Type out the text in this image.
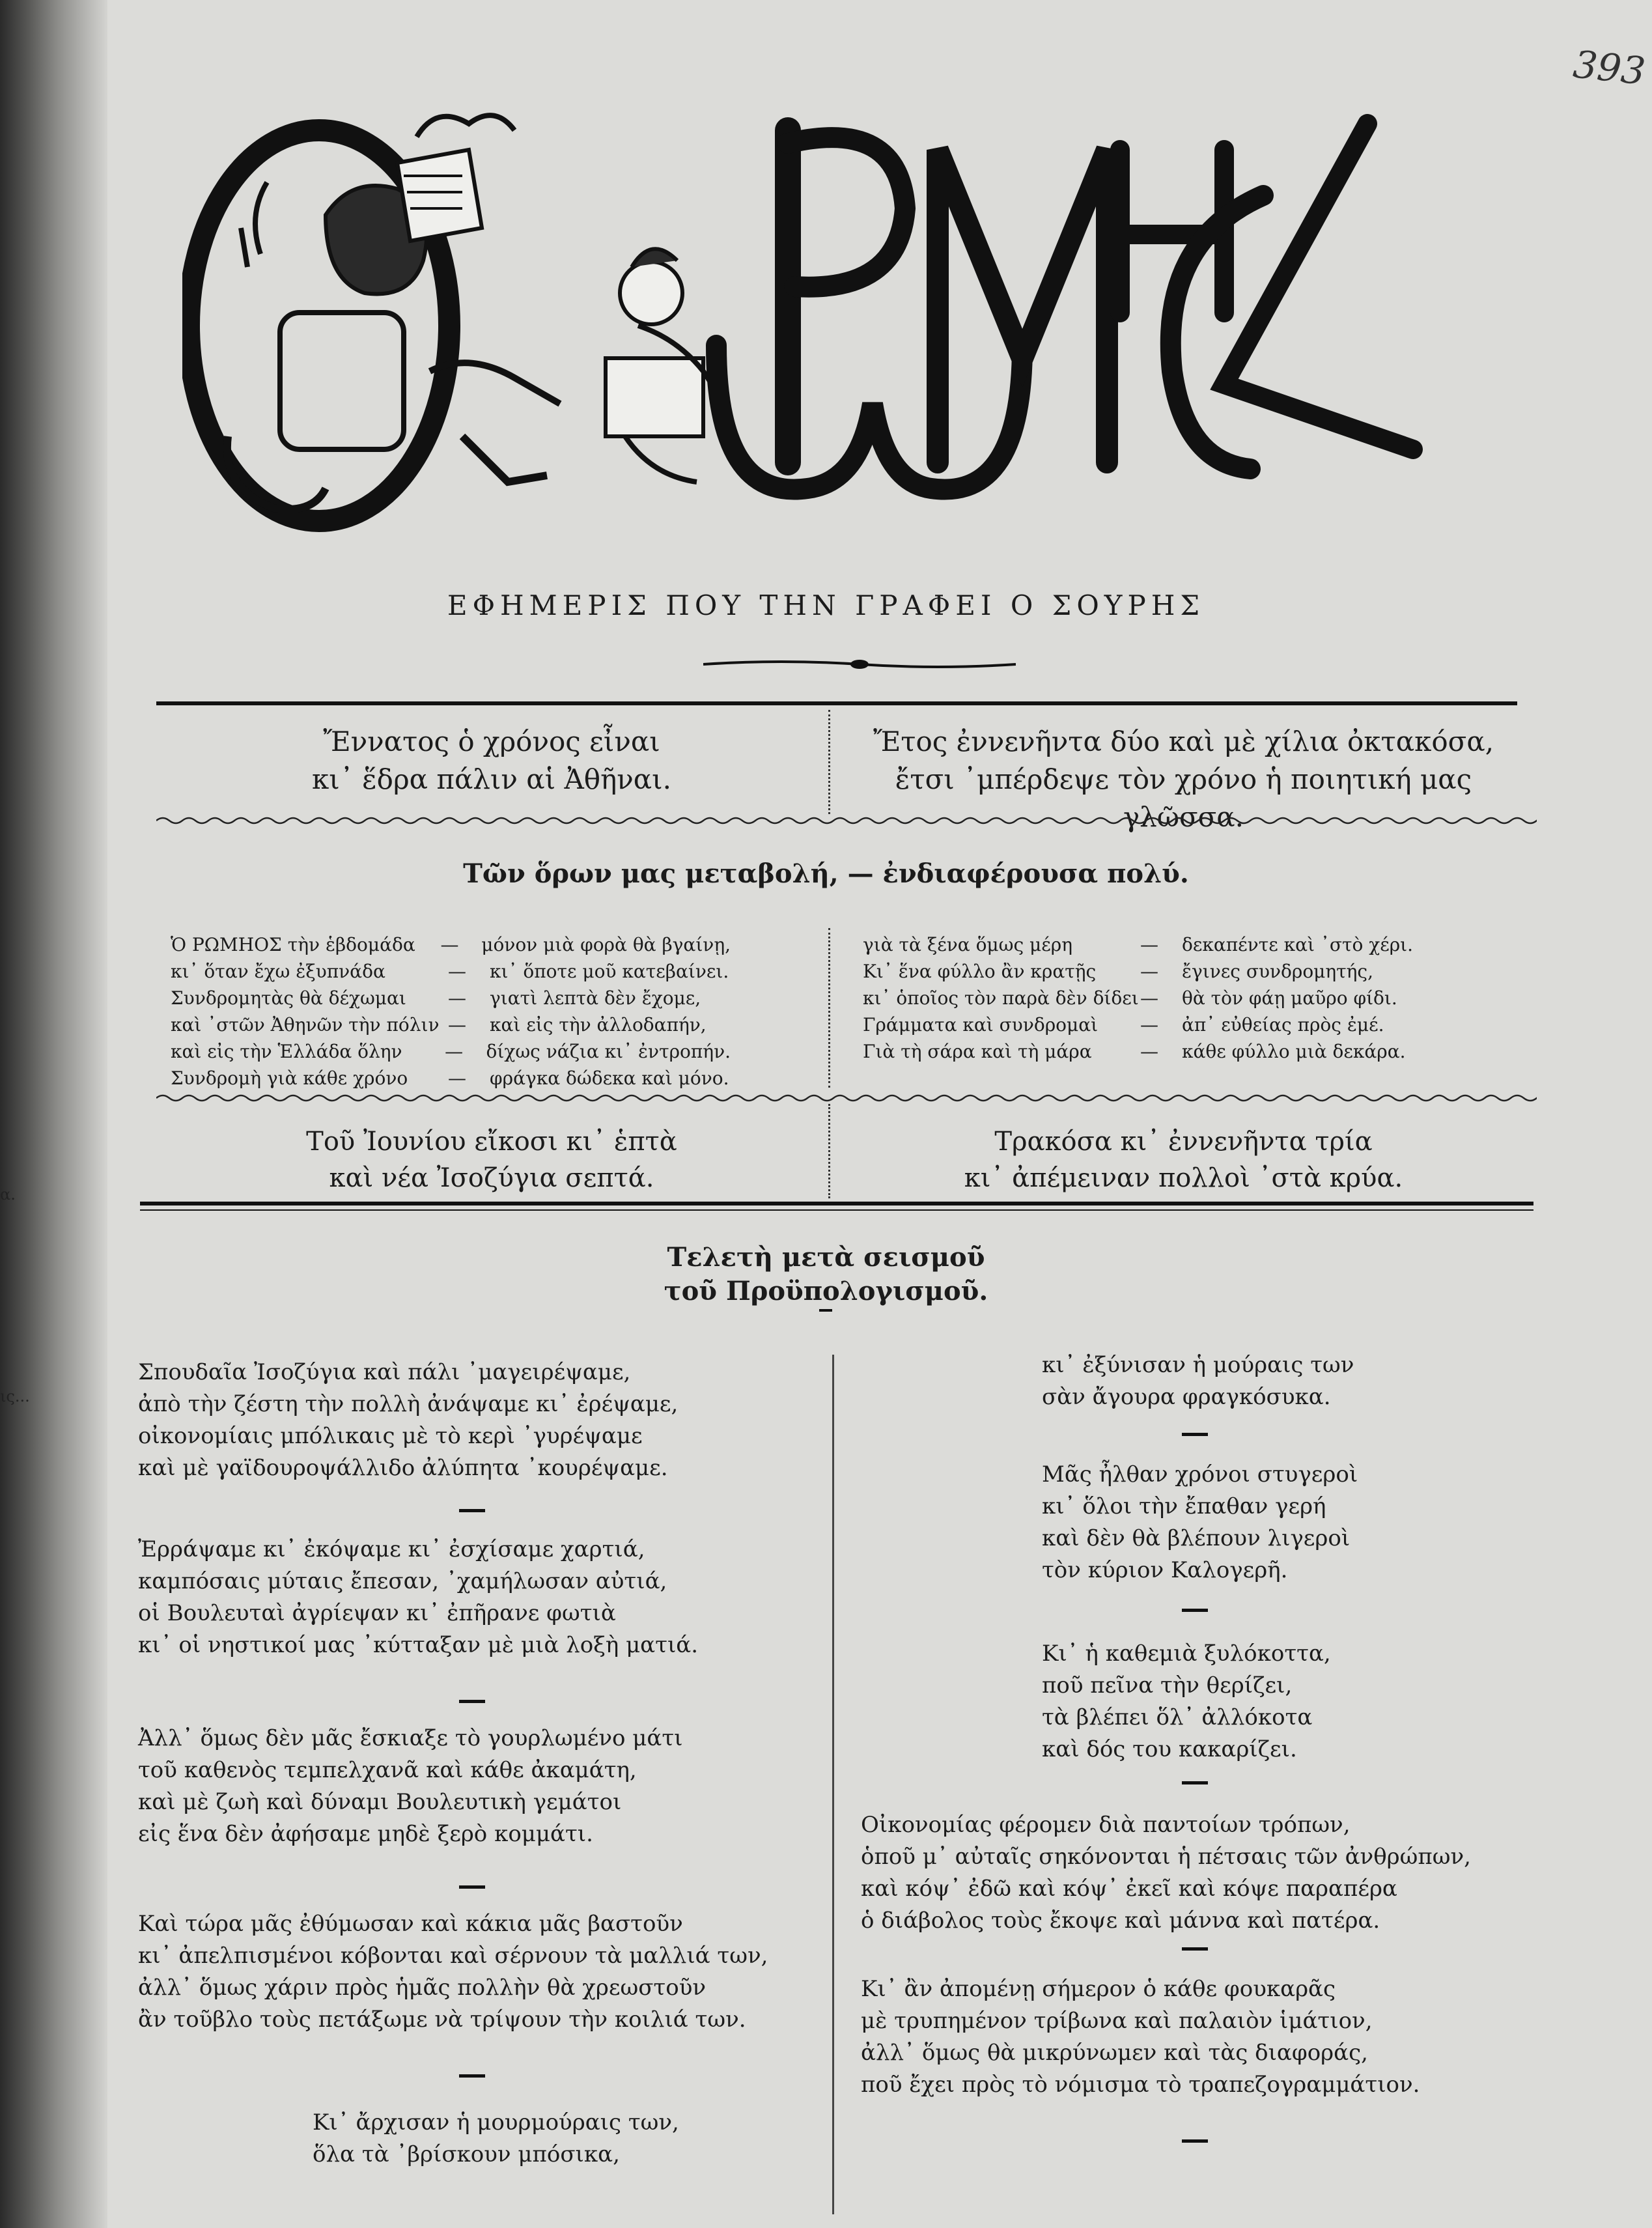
α.
ις...
393
ΕΦΗΜΕΡΙΣ ΠΟΥ ΤΗΝ ΓΡΑΦΕΙ Ο ΣΟΥΡΗΣ
Ἔννατος ὁ χρόνος εἶναι
κι᾿ ἕδρα πάλιν αἱ Ἀθῆναι.
Ἔτος ἐννενῆντα δύο καὶ μὲ χίλια ὀκτακόσα,
ἔτσι ᾿μπέρδεψε τὸν χρόνο ἡ ποιητική μας γλῶσσα.
Τῶν ὅρων μας μεταβολή, — ἐνδιαφέρουσα πολύ.
Ὁ ΡΩΜΗΟΣ τὴν ἑβδομάδα	—	μόνον μιὰ φορὰ θὰ βγαίνῃ,
κι᾿ ὅταν ἔχω ἐξυπνάδα	—	κι᾿ ὅποτε μοῦ κατεβαίνει.
Συνδρομητὰς θὰ δέχωμαι	—	γιατὶ λεπτὰ δὲν ἔχομε,
καὶ ᾿στῶν Ἀθηνῶν τὴν πόλιν —	καὶ εἰς τὴν ἀλλοδαπήν,
καὶ εἰς τὴν Ἑλλάδα ὅλην	—	δίχως νάζια κι᾿ ἐντροπήν.
Συνδρομὴ γιὰ κάθε χρόνο	—	φράγκα δώδεκα καὶ μόνο.
γιὰ τὰ ξένα ὅμως μέρη	—	δεκαπέντε καὶ ᾿στὸ χέρι.
Κι᾿ ἕνα φύλλο ἂν κρατῇς	—	ἔγινες συνδρομητής,
κι᾿ ὁποῖος τὸν παρὰ δὲν δίδει —	θὰ τὸν φάῃ μαῦρο φίδι.
Γράμματα καὶ συνδρομαὶ	—	ἀπ᾿ εὐθείας πρὸς ἐμέ.
Γιὰ τὴ σάρα καὶ τὴ μάρα	—	κάθε φύλλο μιὰ δεκάρα.
Τοῦ Ἰουνίου εἴκοσι κι᾿ ἑπτὰ
καὶ νέα Ἰσοζύγια σεπτά.
Τρακόσα κι᾿ ἐννενῆντα τρία
κι᾿ ἀπέμειναν πολλοὶ ᾿στὰ κρύα.
Τελετὴ μετὰ σεισμοῦ
τοῦ Προϋπολογισμοῦ.
Σπουδαῖα Ἰσοζύγια καὶ πάλι ᾿μαγειρέψαμε,
ἀπὸ τὴν ζέστη τὴν πολλὴ ἀνάψαμε κι᾿ ἐρέψαμε,
οἰκονομίαις μπόλικαις μὲ τὸ κερὶ ᾿γυρέψαμε
καὶ μὲ γαϊδουροψάλλιδο ἀλύπητα ᾿κουρέψαμε.
Ἐρράψαμε κι᾿ ἐκόψαμε κι᾿ ἐσχίσαμε χαρτιά,
καμπόσαις μύταις ἔπεσαν, ᾿χαμήλωσαν αὐτιά,
οἱ Βουλευταὶ ἀγρίεψαν κι᾿ ἐπῆρανε φωτιὰ
κι᾿ οἱ νηστικοί μας ᾿κύτταξαν μὲ μιὰ λοξὴ ματιά.
Ἀλλ᾿ ὅμως δὲν μᾶς ἔσκιαξε τὸ γουρλωμένο μάτι
τοῦ καθενὸς τεμπελχανᾶ καὶ κάθε ἀκαμάτη,
καὶ μὲ ζωὴ καὶ δύναμι Βουλευτικὴ γεμάτοι
εἰς ἕνα δὲν ἀφήσαμε μηδὲ ξερὸ κομμάτι.
Καὶ τώρα μᾶς ἐθύμωσαν καὶ κάκια μᾶς βαστοῦν
κι᾿ ἀπελπισμένοι κόβονται καὶ σέρνουν τὰ μαλλιά των,
ἀλλ᾿ ὅμως χάριν πρὸς ἡμᾶς πολλὴν θὰ χρεωστοῦν
ἂν τοῦβλο τοὺς πετάξωμε νὰ τρίψουν τὴν κοιλιά των.
Κι᾿ ἄρχισαν ἡ μουρμούραις των,
ὅλα τὰ ᾿βρίσκουν μπόσικα,
κι᾿ ἐξύνισαν ἡ μούραις των
σὰν ἄγουρα φραγκόσυκα.
Μᾶς ἦλθαν χρόνοι στυγεροὶ
κι᾿ ὅλοι τὴν ἔπαθαν γερή
καὶ δὲν θὰ βλέπουν λιγεροὶ
τὸν κύριον Καλογερῆ.
Κι᾿ ἡ καθεμιὰ ξυλόκοττα,
ποῦ πεῖνα τὴν θερίζει,
τὰ βλέπει ὅλ᾿ ἀλλόκοτα
καὶ δός του κακαρίζει.
Οἰκονομίας φέρομεν διὰ παντοίων τρόπων,
ὁποῦ μ᾿ αὐταῖς σηκόνονται ἡ πέτσαις τῶν ἀνθρώπων,
καὶ κόψ᾿ ἐδῶ καὶ κόψ᾿ ἐκεῖ καὶ κόψε παραπέρα
ὁ διάβολος τοὺς ἔκοψε καὶ μάννα καὶ πατέρα.
Κι᾿ ἂν ἀπομένῃ σήμερον ὁ κάθε φουκαρᾶς
μὲ τρυπημένον τρίβωνα καὶ παλαιὸν ἱμάτιον,
ἀλλ᾿ ὅμως θὰ μικρύνωμεν καὶ τὰς διαφοράς,
ποῦ ἔχει πρὸς τὸ νόμισμα τὸ τραπεζογραμμάτιον.
